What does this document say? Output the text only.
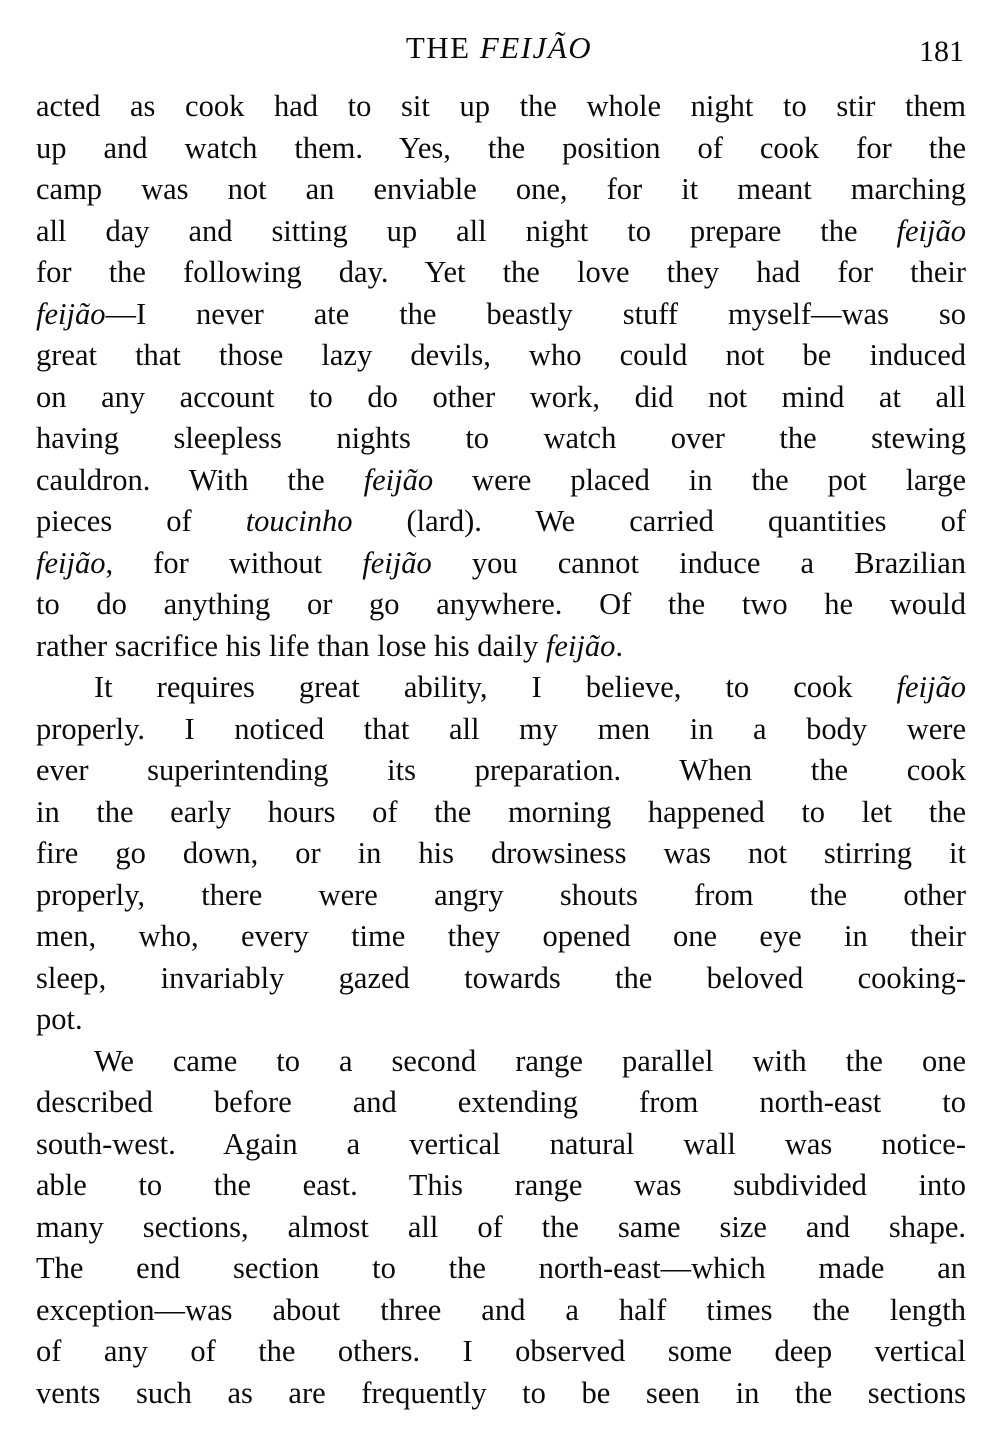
THE FEIJÃO	181
acted as cook had to sit up the whole night to stir them
up and watch them. Yes, the position of cook for the
camp was not an enviable one, for it meant marching
all day and sitting up all night to prepare the feijão
for the following day. Yet the love they had for their
feijão—I never ate the beastly stuff myself—was so
great that those lazy devils, who could not be induced
on any account to do other work, did not mind at all
having sleepless nights to watch over the stewing
cauldron. With the feijão were placed in the pot large
pieces of toucinho (lard). We carried quantities of
feijão, for without feijão you cannot induce a Brazilian
to do anything or go anywhere. Of the two he would
rather sacrifice his life than lose his daily feijão.
It requires great ability, I believe, to cook feijão
properly. I noticed that all my men in a body were
ever superintending its preparation. When the cook
in the early hours of the morning happened to let the
fire go down, or in his drowsiness was not stirring it
properly, there were angry shouts from the other
men, who, every time they opened one eye in their
sleep, invariably gazed towards the beloved cooking-
pot.
We came to a second range parallel with the one
described before and extending from north-east to
south-west. Again a vertical natural wall was notice-
able to the east. This range was subdivided into
many sections, almost all of the same size and shape.
The end section to the north-east—which made an
exception—was about three and a half times the length
of any of the others. I observed some deep vertical
vents such as are frequently to be seen in the sections
